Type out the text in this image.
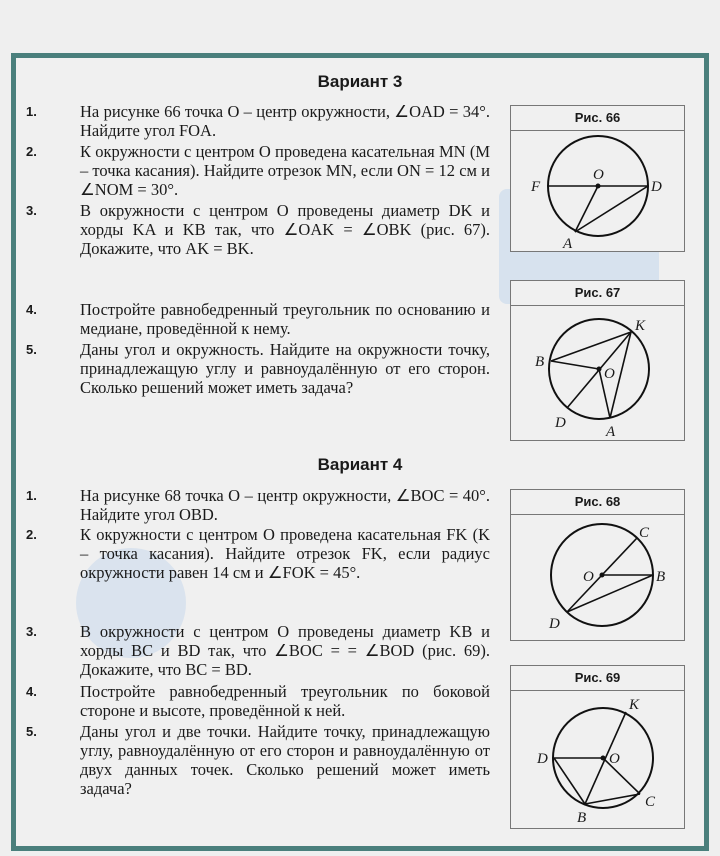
Вариант 3
1.	На рисунке 66 точка O – центр окружности, ∠OAD = 34°. Найдите угол FOA.
2.	К окружности с центром O проведена касательная MN (M – точка касания). Найдите отрезок MN, если ON = 12 см и ∠NOM = 30°.
3.	В окружности с центром O проведены диаметр DK и хорды KA и KB так, что ∠OAK = ∠OBK (рис. 67). Докажите, что AK = BK.
4.	Постройте равнобедренный треугольник по основанию и медиане, проведённой к нему.
5.	Даны угол и окружность. Найдите на окружности точку, принадлежащую углу и равноудалённую от его сторон. Сколько решений может иметь задача?
Рис. 66
F
O
D
A
Рис. 67
K
B
O
D
A
Вариант 4
1.	На рисунке 68 точка O – центр окружности, ∠BOC = 40°. Найдите угол OBD.
2.	К окружности с центром O проведена касательная FK (K – точка касания). Найдите отрезок FK, если радиус окружности равен 14 см и ∠FOK = 45°.
3.	В окружности с центром O проведены диаметр KB и хорды BC и BD так, что ∠BOC = = ∠BOD (рис. 69). Докажите, что BC = BD.
4.	Постройте равнобедренный треугольник по боковой стороне и высоте, проведённой к ней.
5.	Даны угол и две точки. Найдите точку, принадлежащую углу, равноудалённую от его сторон и равноудалённую от двух данных точек. Сколько решений может иметь задача?
Рис. 68
C
O	B
D
Рис. 69
K
D	O
B
C
